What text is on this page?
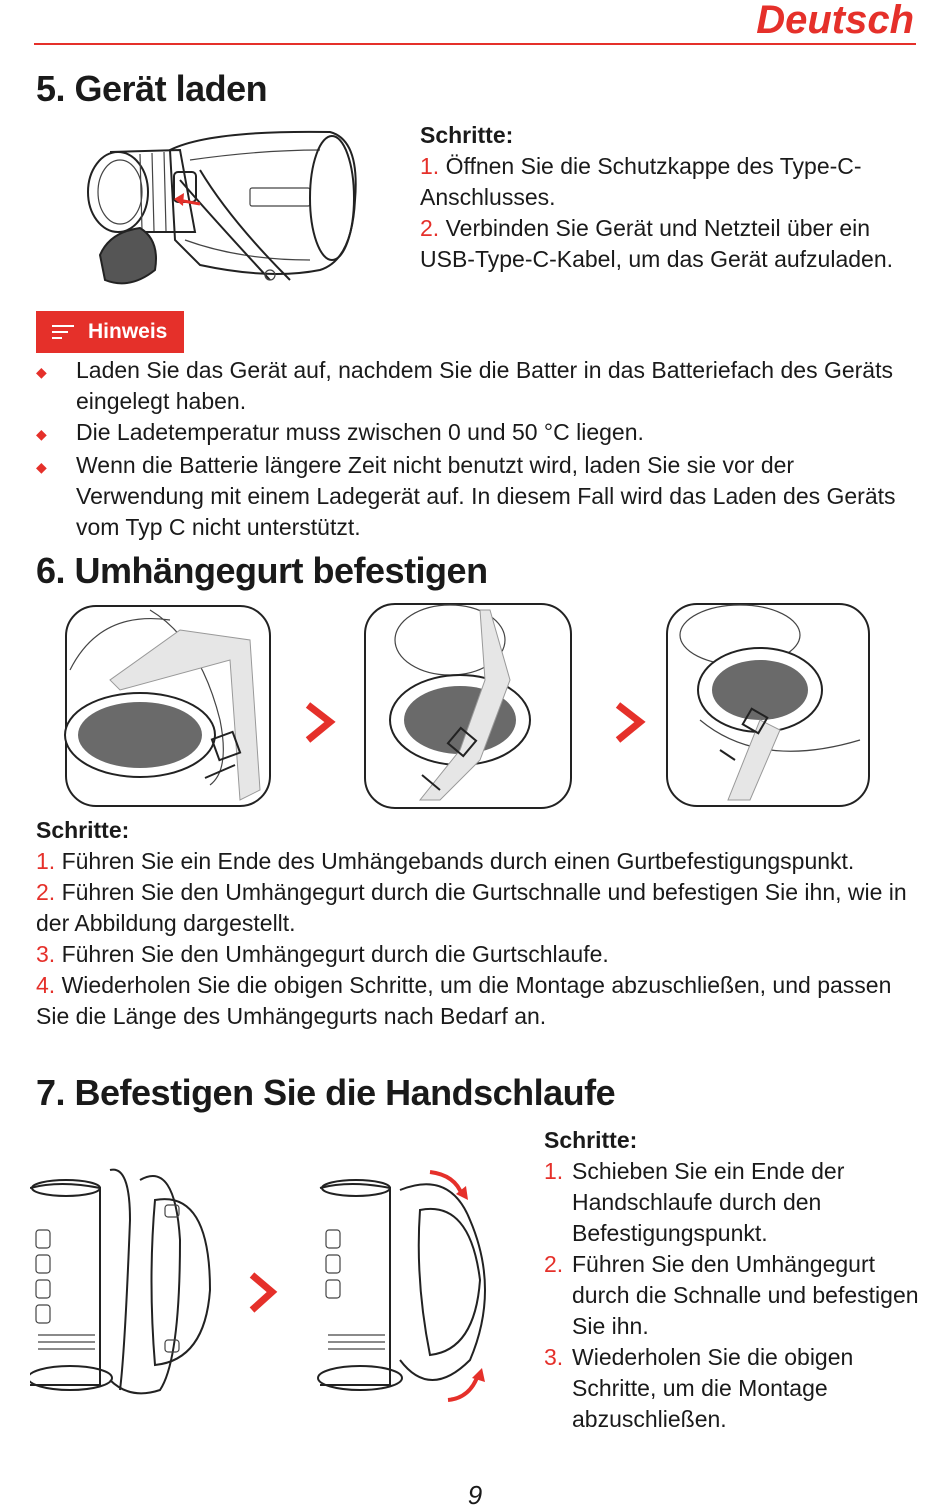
Deutsch
5. Gerät laden
Schritte:
1. Öffnen Sie die Schutzkappe des Type-C-Anschlusses.
2. Verbinden Sie Gerät und Netzteil über ein USB-Type-C-Kabel, um das Gerät aufzuladen.
Hinweis
◆	Laden Sie das Gerät auf, nachdem Sie die Batter in das Batteriefach des Geräts eingelegt haben.
◆	Die Ladetemperatur muss zwischen 0 und 50 °C liegen.
◆	Wenn die Batterie längere Zeit nicht benutzt wird, laden Sie sie vor der Verwendung mit einem Ladegerät auf. In diesem Fall wird das Laden des Geräts vom Typ C nicht unterstützt.
6. Umhängegurt befestigen
Schritte:
1. Führen Sie ein Ende des Umhängebands durch einen Gurtbefestigungspunkt.
2. Führen Sie den Umhängegurt durch die Gurtschnalle und befestigen Sie ihn, wie in der Abbildung dargestellt.
3. Führen Sie den Umhängegurt durch die Gurtschlaufe.
4. Wiederholen Sie die obigen Schritte, um die Montage abzuschließen, und passen Sie die Länge des Umhängegurts nach Bedarf an.
7. Befestigen Sie die Handschlaufe
Schritte:
1. Schieben Sie ein Ende der Handschlaufe durch den Befestigungspunkt.
2. Führen Sie den Umhängegurt durch die Schnalle und befestigen Sie ihn.
3. Wiederholen Sie die obigen Schritte, um die Montage abzuschließen.
9
